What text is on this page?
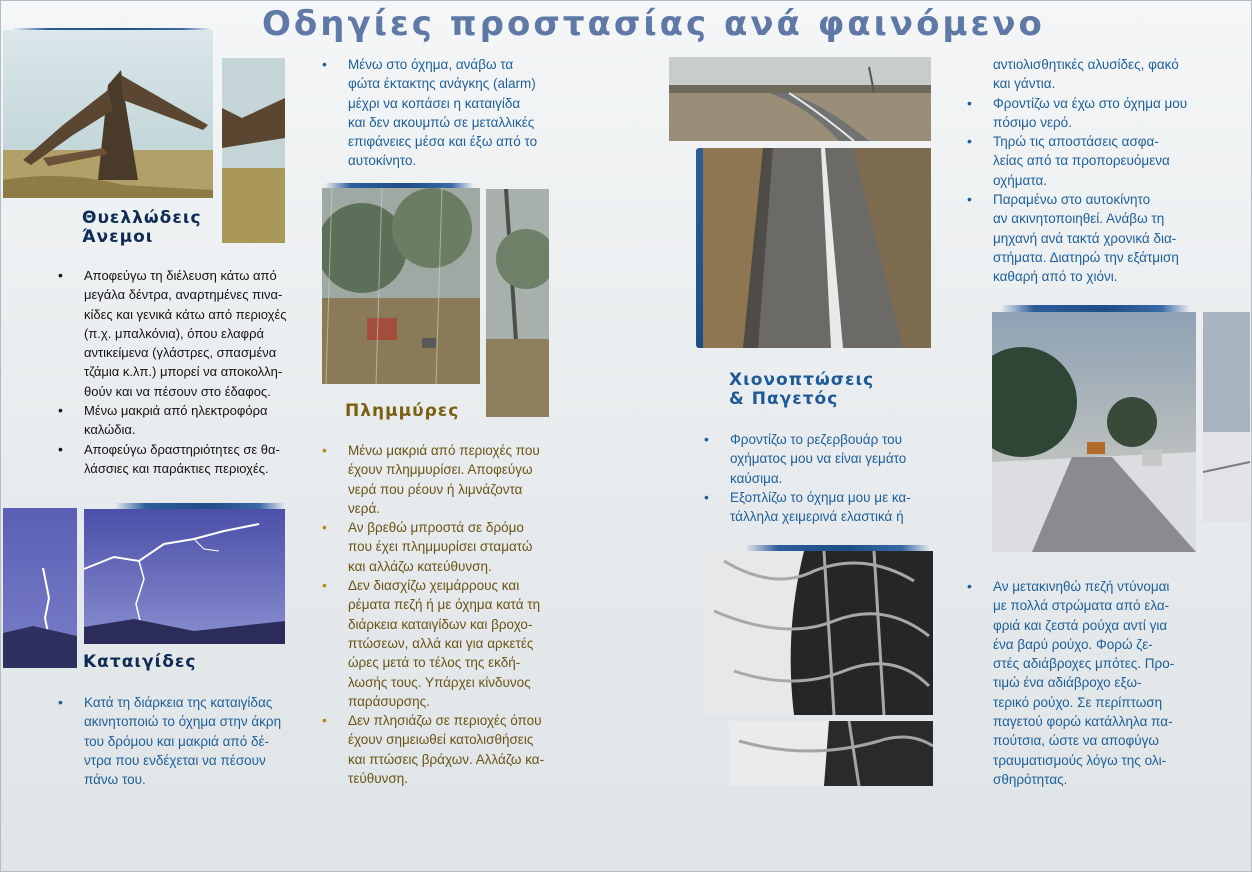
Οδηγίες προστασίας ανά φαινόμενο
Θυελλώδεις
Άνεμοι
• Αποφεύγω τη διέλευση κάτω από
μεγάλα δέντρα, αναρτημένες πινα-
κίδες και γενικά κάτω από περιοχές
(π.χ. μπαλκόνια), όπου ελαφρά
αντικείμενα (γλάστρες, σπασμένα
τζάμια κ.λπ.) μπορεί να αποκολλη-
θούν και να πέσουν στο έδαφος.
• Μένω μακριά από ηλεκτροφόρα
καλώδια.
• Αποφεύγω δραστηριότητες σε θα-
λάσσιες και παράκτιες περιοχές.
Καταιγίδες
• Κατά τη διάρκεια της καταιγίδας
ακινητοποιώ το όχημα στην άκρη
του δρόμου και μακριά από δέ-
ντρα που ενδέχεται να πέσουν
πάνω του.
• Μένω στο όχημα, ανάβω τα
φώτα έκτακτης ανάγκης (alarm)
μέχρι να κοπάσει η καταιγίδα
και δεν ακουμπώ σε μεταλλικές
επιφάνειες μέσα και έξω από το
αυτοκίνητο.
Πλημμύρες
• Μένω μακριά από περιοχές που
έχουν πλημμυρίσει. Αποφεύγω
νερά που ρέουν ή λιμνάζοντα
νερά.
• Αν βρεθώ μπροστά σε δρόμο
που έχει πλημμυρίσει σταματώ
και αλλάζω κατεύθυνση.
• Δεν διασχίζω χειμάρρους και
ρέματα πεζή ή με όχημα κατά τη
διάρκεια καταιγίδων και βροχο-
πτώσεων, αλλά και για αρκετές
ώρες μετά το τέλος της εκδή-
λωσής τους. Υπάρχει κίνδυνος
παράσυρσης.
• Δεν πλησιάζω σε περιοχές όπου
έχουν σημειωθεί κατολισθήσεις
και πτώσεις βράχων. Αλλάζω κα-
τεύθυνση.
Χιονοπτώσεις
& Παγετός
• Φροντίζω το ρεζερβουάρ του
οχήματος μου να είναι γεμάτο
καύσιμα.
• Εξοπλίζω το όχημα μου με κα-
τάλληλα χειμερινά ελαστικά ή
αντιολισθητικές αλυσίδες, φακό
και γάντια.
• Φροντίζω να έχω στο όχημα μου
πόσιμο νερό.
• Τηρώ τις αποστάσεις ασφα-
λείας από τα προπορευόμενα
οχήματα.
• Παραμένω στο αυτοκίνητο
αν ακινητοποιηθεί. Ανάβω τη
μηχανή ανά τακτά χρονικά δια-
στήματα. Διατηρώ την εξάτμιση
καθαρή από το χιόνι.
• Αν μετακινηθώ πεζή ντύνομαι
με πολλά στρώματα από ελα-
φριά και ζεστά ρούχα αντί για
ένα βαρύ ρούχο. Φορώ ζε-
στές αδιάβροχες μπότες. Προ-
τιμώ ένα αδιάβροχο εξω-
τερικό ρούχο. Σε περίπτωση
παγετού φορώ κατάλληλα πα-
πούτσια, ώστε να αποφύγω
τραυματισμούς λόγω της ολι-
σθηρότητας.
